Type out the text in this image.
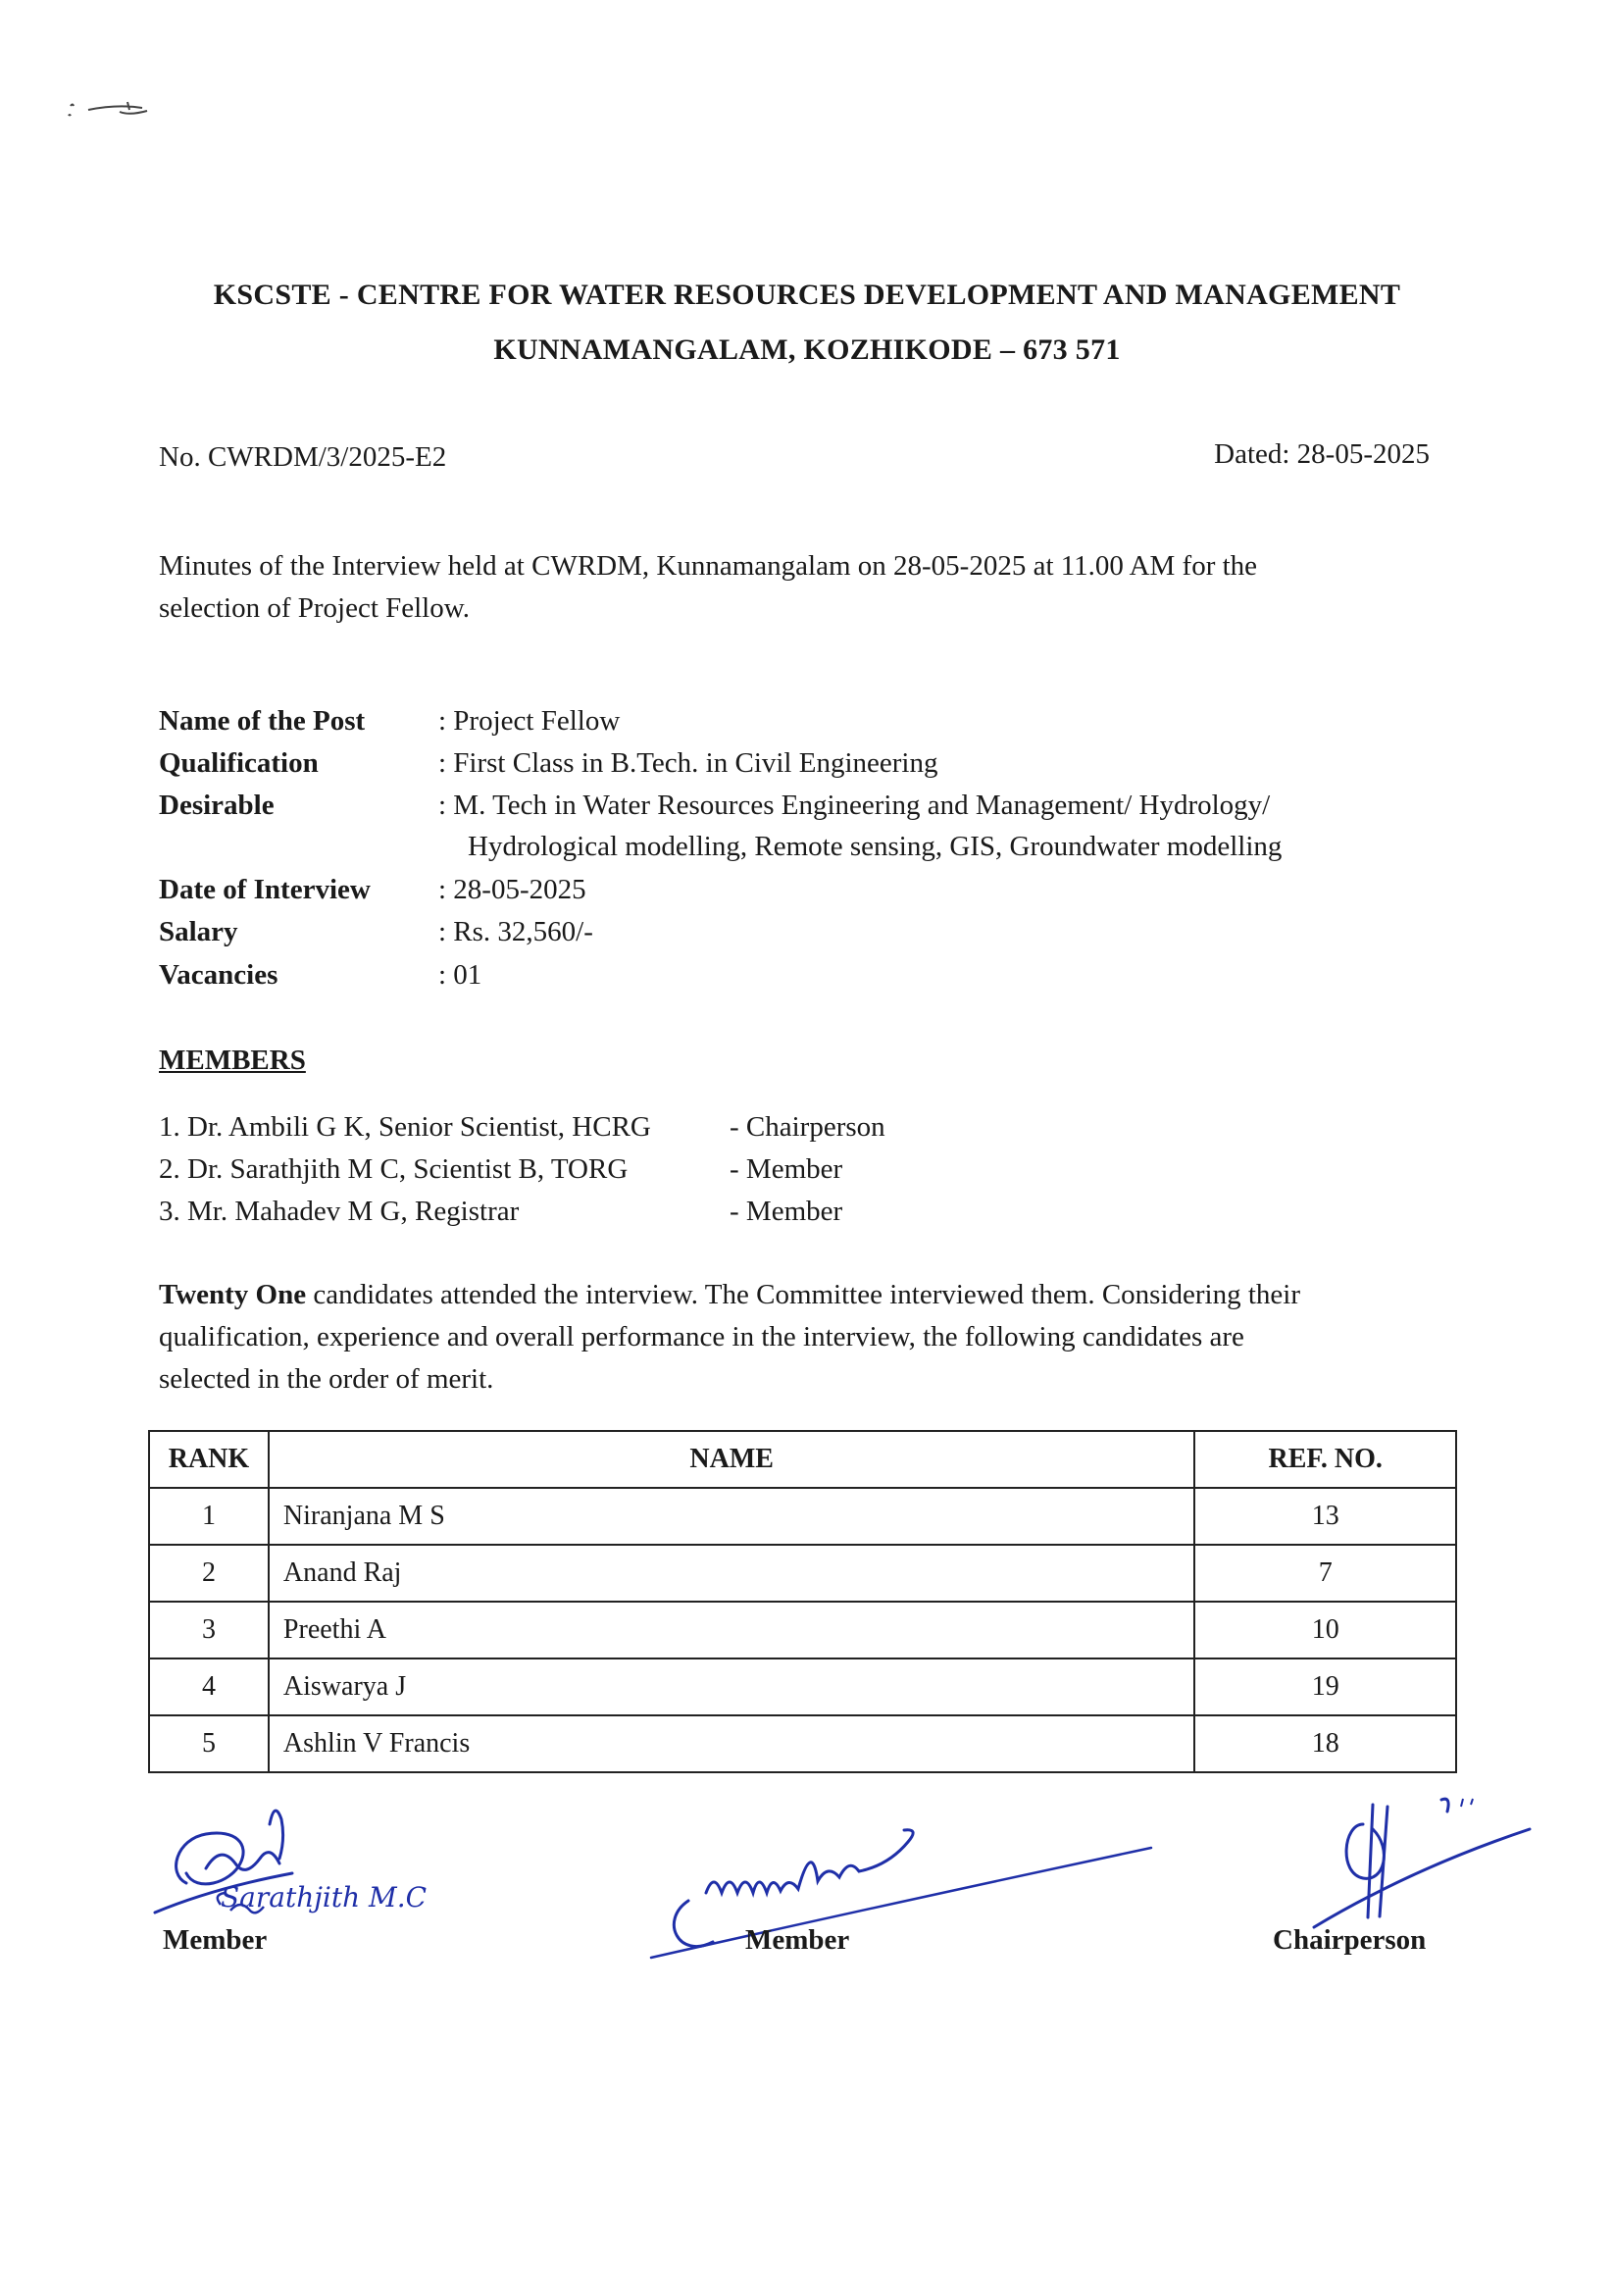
KSCSTE - CENTRE FOR WATER RESOURCES DEVELOPMENT AND MANAGEMENT
KUNNAMANGALAM, KOZHIKODE – 673 571
No. CWRDM/3/2025-E2	Dated: 28-05-2025
Minutes of the Interview held at CWRDM, Kunnamangalam on 28-05-2025 at 11.00 AM for the
selection of Project Fellow.
Name of the Post	: Project Fellow
Qualification	: First Class in B.Tech. in Civil Engineering
Desirable	: M. Tech in Water Resources Engineering and Management/ Hydrology/
Hydrological modelling, Remote sensing, GIS, Groundwater modelling
Date of Interview : 28-05-2025
Salary	: Rs. 32,560/-
Vacancies	: 01
MEMBERS
1. Dr. Ambili G K, Senior Scientist, HCRG	- Chairperson
2. Dr. Sarathjith M C, Scientist B, TORG	- Member
3. Mr. Mahadev M G, Registrar	- Member
Twenty One candidates attended the interview. The Committee interviewed them. Considering their
qualification, experience and overall performance in the interview, the following candidates are
selected in the order of merit.
RANK	NAME	REF. NO.
1	Niranjana M S	13
2	Anand Raj	7
3	Preethi A	10
4	Aiswarya J	19
5	Ashlin V Francis	18
Sarathjith M.C
Member	Member	Chairperson
